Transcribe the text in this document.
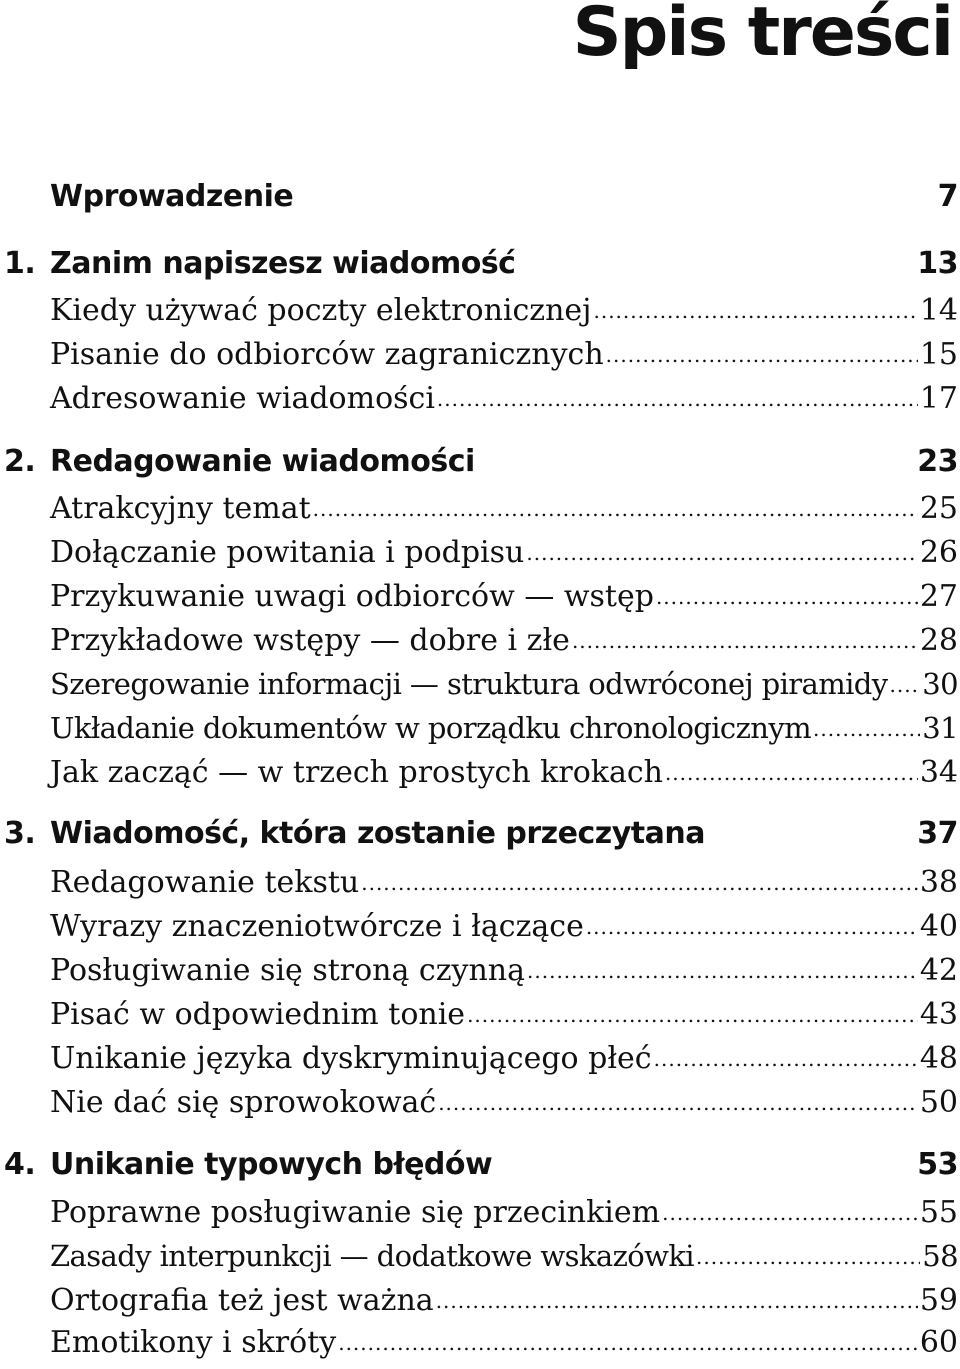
Spis treści
Wprowadzenie	7
1. Zanim napiszesz wiadomość	13
Kiedy używać poczty elektronicznej .....	14
Pisanie do odbiorców zagranicznych .....	15
Adresowanie wiadomości .....	17
2. Redagowanie wiadomości	23
Atrakcyjny temat .....	25
Dołączanie powitania i podpisu .....	26
Przykuwanie uwagi odbiorców — wstęp .....	27
Przykładowe wstępy — dobre i złe .....	28
Szeregowanie informacji — struktura odwróconej piramidy ..... 30
Układanie dokumentów w porządku chronologicznym .....	31
Jak zacząć — w trzech prostych krokach .....	34
3. Wiadomość, która zostanie przeczytana	37
Redagowanie tekstu .....	38
Wyrazy znaczeniotwórcze i łączące .....	40
Posługiwanie się stroną czynną .....	42
Pisać w odpowiednim tonie .....	43
Unikanie języka dyskryminującego płeć .....	48
Nie dać się sprowokować .....	50
4. Unikanie typowych błędów	53
Poprawne posługiwanie się przecinkiem .....	55
Zasady interpunkcji — dodatkowe wskazówki .....	58
Ortografia też jest ważna .....	59
Emotikony i skróty .....	60
